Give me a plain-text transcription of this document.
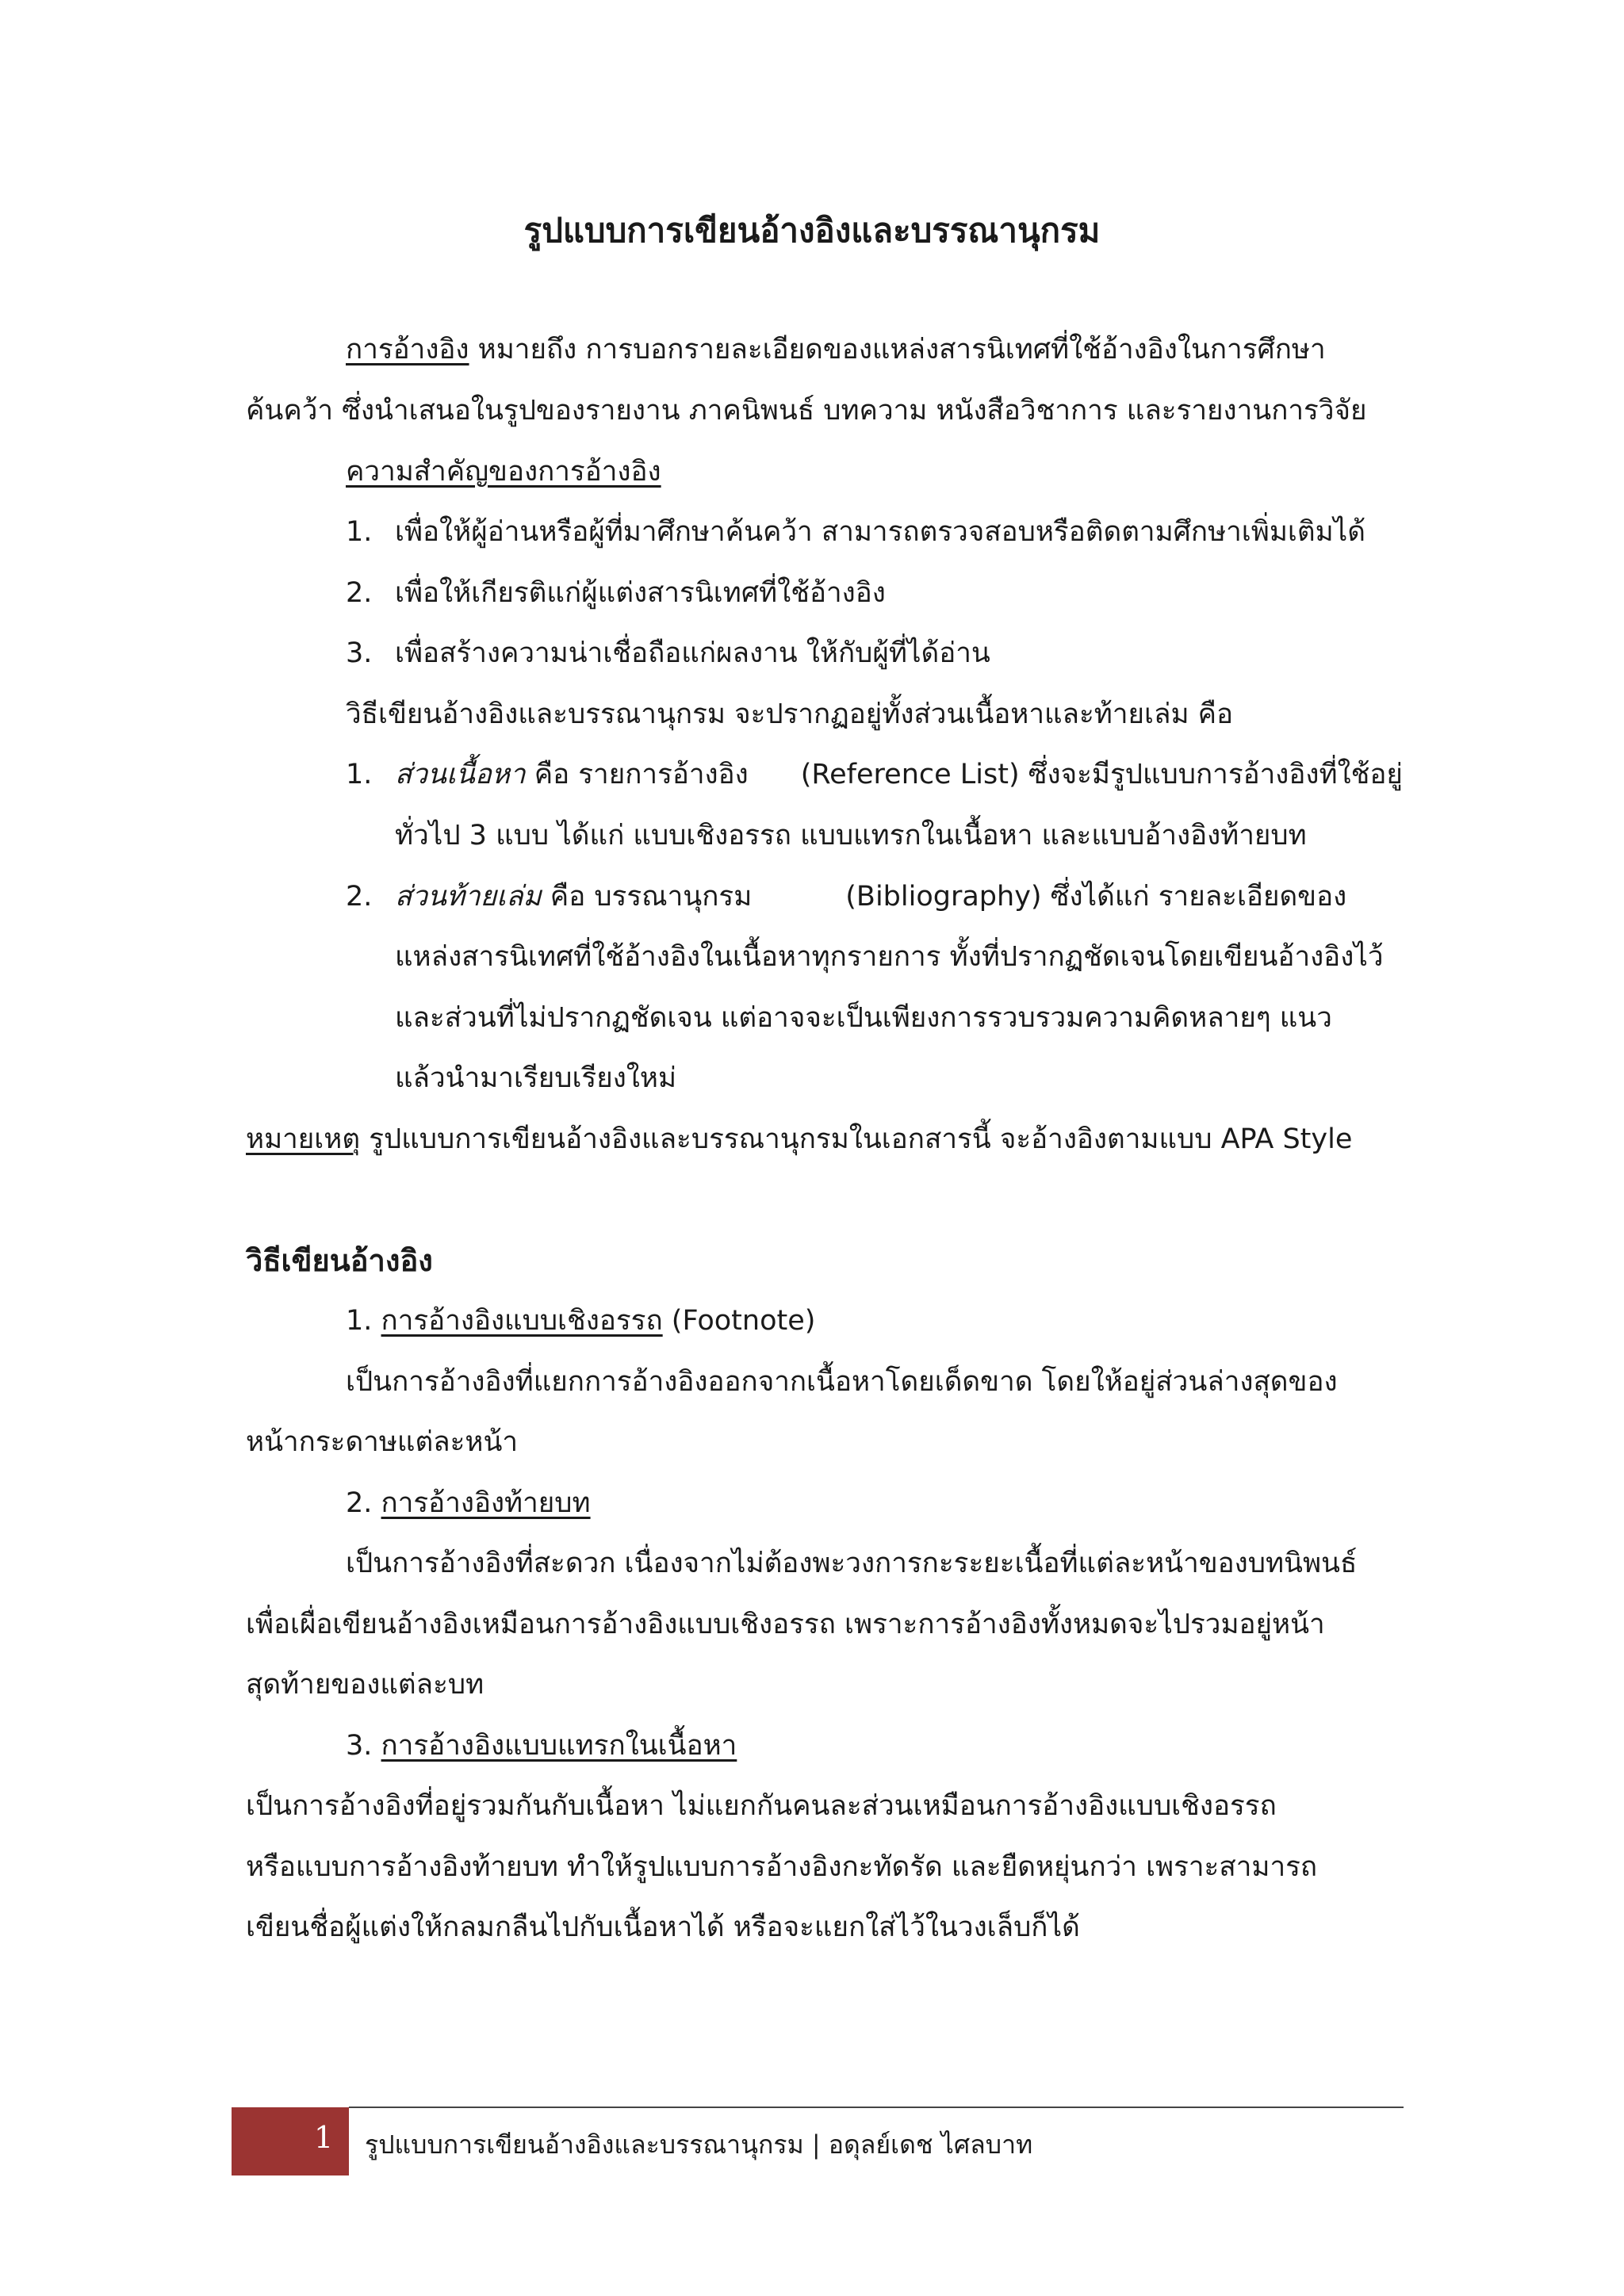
รูปแบบการเขียนอ้างอิงและบรรณานุกรม
การอ้างอิง หมายถึง การบอกรายละเอียดของแหล่งสารนิเทศที่ใช้อ้างอิงในการศึกษา
ค้นคว้า ซึ่งนำเสนอในรูปของรายงาน ภาคนิพนธ์ บทความ หนังสือวิชาการ และรายงานการวิจัย
ความสำคัญของการอ้างอิง
1. เพื่อให้ผู้อ่านหรือผู้ที่มาศึกษาค้นคว้า สามารถตรวจสอบหรือติดตามศึกษาเพิ่มเติมได้
2. เพื่อให้เกียรติแก่ผู้แต่งสารนิเทศที่ใช้อ้างอิง
3. เพื่อสร้างความน่าเชื่อถือแก่ผลงาน ให้กับผู้ที่ได้อ่าน
วิธีเขียนอ้างอิงและบรรณานุกรม จะปรากฏอยู่ทั้งส่วนเนื้อหาและท้ายเล่ม คือ
1. ส่วนเนื้อหา คือ รายการอ้างอิง (Reference List) ซึ่งจะมีรูปแบบการอ้างอิงที่ใช้อยู่
ทั่วไป 3 แบบ ได้แก่ แบบเชิงอรรถ แบบแทรกในเนื้อหา และแบบอ้างอิงท้ายบท
2. ส่วนท้ายเล่ม คือ บรรณานุกรม	(Bibliography) ซึ่งได้แก่ รายละเอียดของ
แหล่งสารนิเทศที่ใช้อ้างอิงในเนื้อหาทุกรายการ ทั้งที่ปรากฏชัดเจนโดยเขียนอ้างอิงไว้
และส่วนที่ไม่ปรากฏชัดเจน แต่อาจจะเป็นเพียงการรวบรวมความคิดหลายๆ แนว
แล้วนำมาเรียบเรียงใหม่
หมายเหตุ รูปแบบการเขียนอ้างอิงและบรรณานุกรมในเอกสารนี้ จะอ้างอิงตามแบบ APA Style
วิธีเขียนอ้างอิง
1. การอ้างอิงแบบเชิงอรรถ (Footnote)
เป็นการอ้างอิงที่แยกการอ้างอิงออกจากเนื้อหาโดยเด็ดขาด โดยให้อยู่ส่วนล่างสุดของ
หน้ากระดาษแต่ละหน้า
2. การอ้างอิงท้ายบท
เป็นการอ้างอิงที่สะดวก เนื่องจากไม่ต้องพะวงการกะระยะเนื้อที่แต่ละหน้าของบทนิพนธ์
เพื่อเผื่อเขียนอ้างอิงเหมือนการอ้างอิงแบบเชิงอรรถ เพราะการอ้างอิงทั้งหมดจะไปรวมอยู่หน้า
สุดท้ายของแต่ละบท
3. การอ้างอิงแบบแทรกในเนื้อหา
เป็นการอ้างอิงที่อยู่รวมกันกับเนื้อหา ไม่แยกกันคนละส่วนเหมือนการอ้างอิงแบบเชิงอรรถ
หรือแบบการอ้างอิงท้ายบท ทำให้รูปแบบการอ้างอิงกะทัดรัด และยืดหยุ่นกว่า เพราะสามารถ
เขียนชื่อผู้แต่งให้กลมกลืนไปกับเนื้อหาได้ หรือจะแยกใส่ไว้ในวงเล็บก็ได้
1 รูปแบบการเขียนอ้างอิงและบรรณานุกรม | อดุลย์เดช ไศลบาท
